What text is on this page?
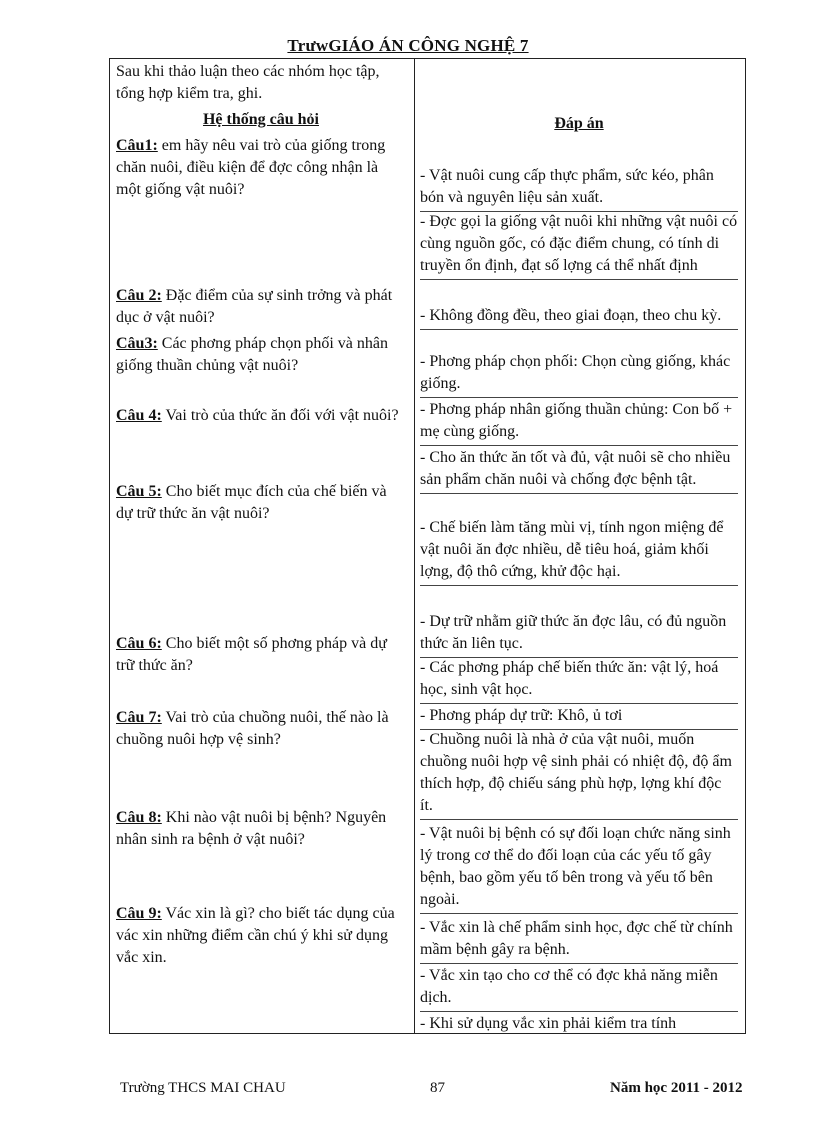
TrưwGIÁO ÁN CÔNG NGHỆ 7
Sau khi thảo luận theo các nhóm học tập, tổng hợp kiểm tra, ghi.
Hệ thống câu hỏi
Câu1: em hãy nêu vai trò của giống trong chăn nuôi, điều kiện để đợc công nhận là một giống vật nuôi?
Câu 2: Đặc điểm của sự sinh trởng và phát dục ở vật nuôi?
Câu3: Các phơng pháp chọn phối và nhân giống thuần chủng vật nuôi?
Câu 4: Vai trò của thức ăn đối với vật nuôi?
Câu 5: Cho biết mục đích của chế biến và dự trữ thức ăn vật nuôi?
Câu 6: Cho biết một số phơng pháp và dự trữ thức ăn?
Câu 7: Vai trò của chuồng nuôi, thế nào là chuồng nuôi hợp vệ sinh?
Câu 8: Khi nào vật nuôi bị bệnh? Nguyên nhân sinh ra bệnh ở vật nuôi?
Câu 9: Vác xin là gì? cho biết tác dụng của vác xin những điểm cần chú ý khi sử dụng vắc xin.
Đáp án
- Vật nuôi cung cấp thực phẩm, sức kéo, phân bón và nguyên liệu sản xuất.
- Đợc gọi la giống vật nuôi khi những vật nuôi có cùng nguồn gốc, có đặc điểm chung, có tính di truyền ổn định, đạt số lợng cá thể nhất định
- Không đồng đều, theo giai đoạn, theo chu kỳ.
- Phơng pháp chọn phối: Chọn cùng giống, khác giống.
- Phơng pháp nhân giống thuần chủng: Con bố + mẹ cùng giống.
- Cho ăn thức ăn tốt và đủ, vật nuôi sẽ cho nhiều sản phẩm chăn nuôi và chống đợc bệnh tật.
- Chế biến làm tăng mùi vị, tính ngon miệng để vật nuôi ăn đợc nhiều, dễ tiêu hoá, giảm khối lợng, độ thô cứng, khử độc hại.
- Dự trữ nhằm giữ thức ăn đợc lâu, có đủ nguồn thức ăn liên tục.
- Các phơng pháp chế biến thức ăn: vật lý, hoá học, sinh vật học.
- Phơng pháp dự trữ: Khô, ủ tơi
- Chuồng nuôi là nhà ở của vật nuôi, muốn chuồng nuôi hợp vệ sinh phải có nhiệt độ, độ ẩm thích hợp, độ chiếu sáng phù hợp, lợng khí độc ít.
- Vật nuôi bị bệnh có sự đối loạn chức năng sinh lý trong cơ thể do đối loạn của các yếu tố gây bệnh, bao gồm yếu tố bên trong và yếu tố bên ngoài.
- Vắc xin là chế phẩm sinh học, đợc chế từ chính mầm bệnh gây ra bệnh.
- Vắc xin tạo cho cơ thể có đợc khả năng miễn dịch.
- Khi sử dụng vắc xin phải kiểm tra tính
Trường THCS MAI CHAU	87	Năm học 2011 - 2012
